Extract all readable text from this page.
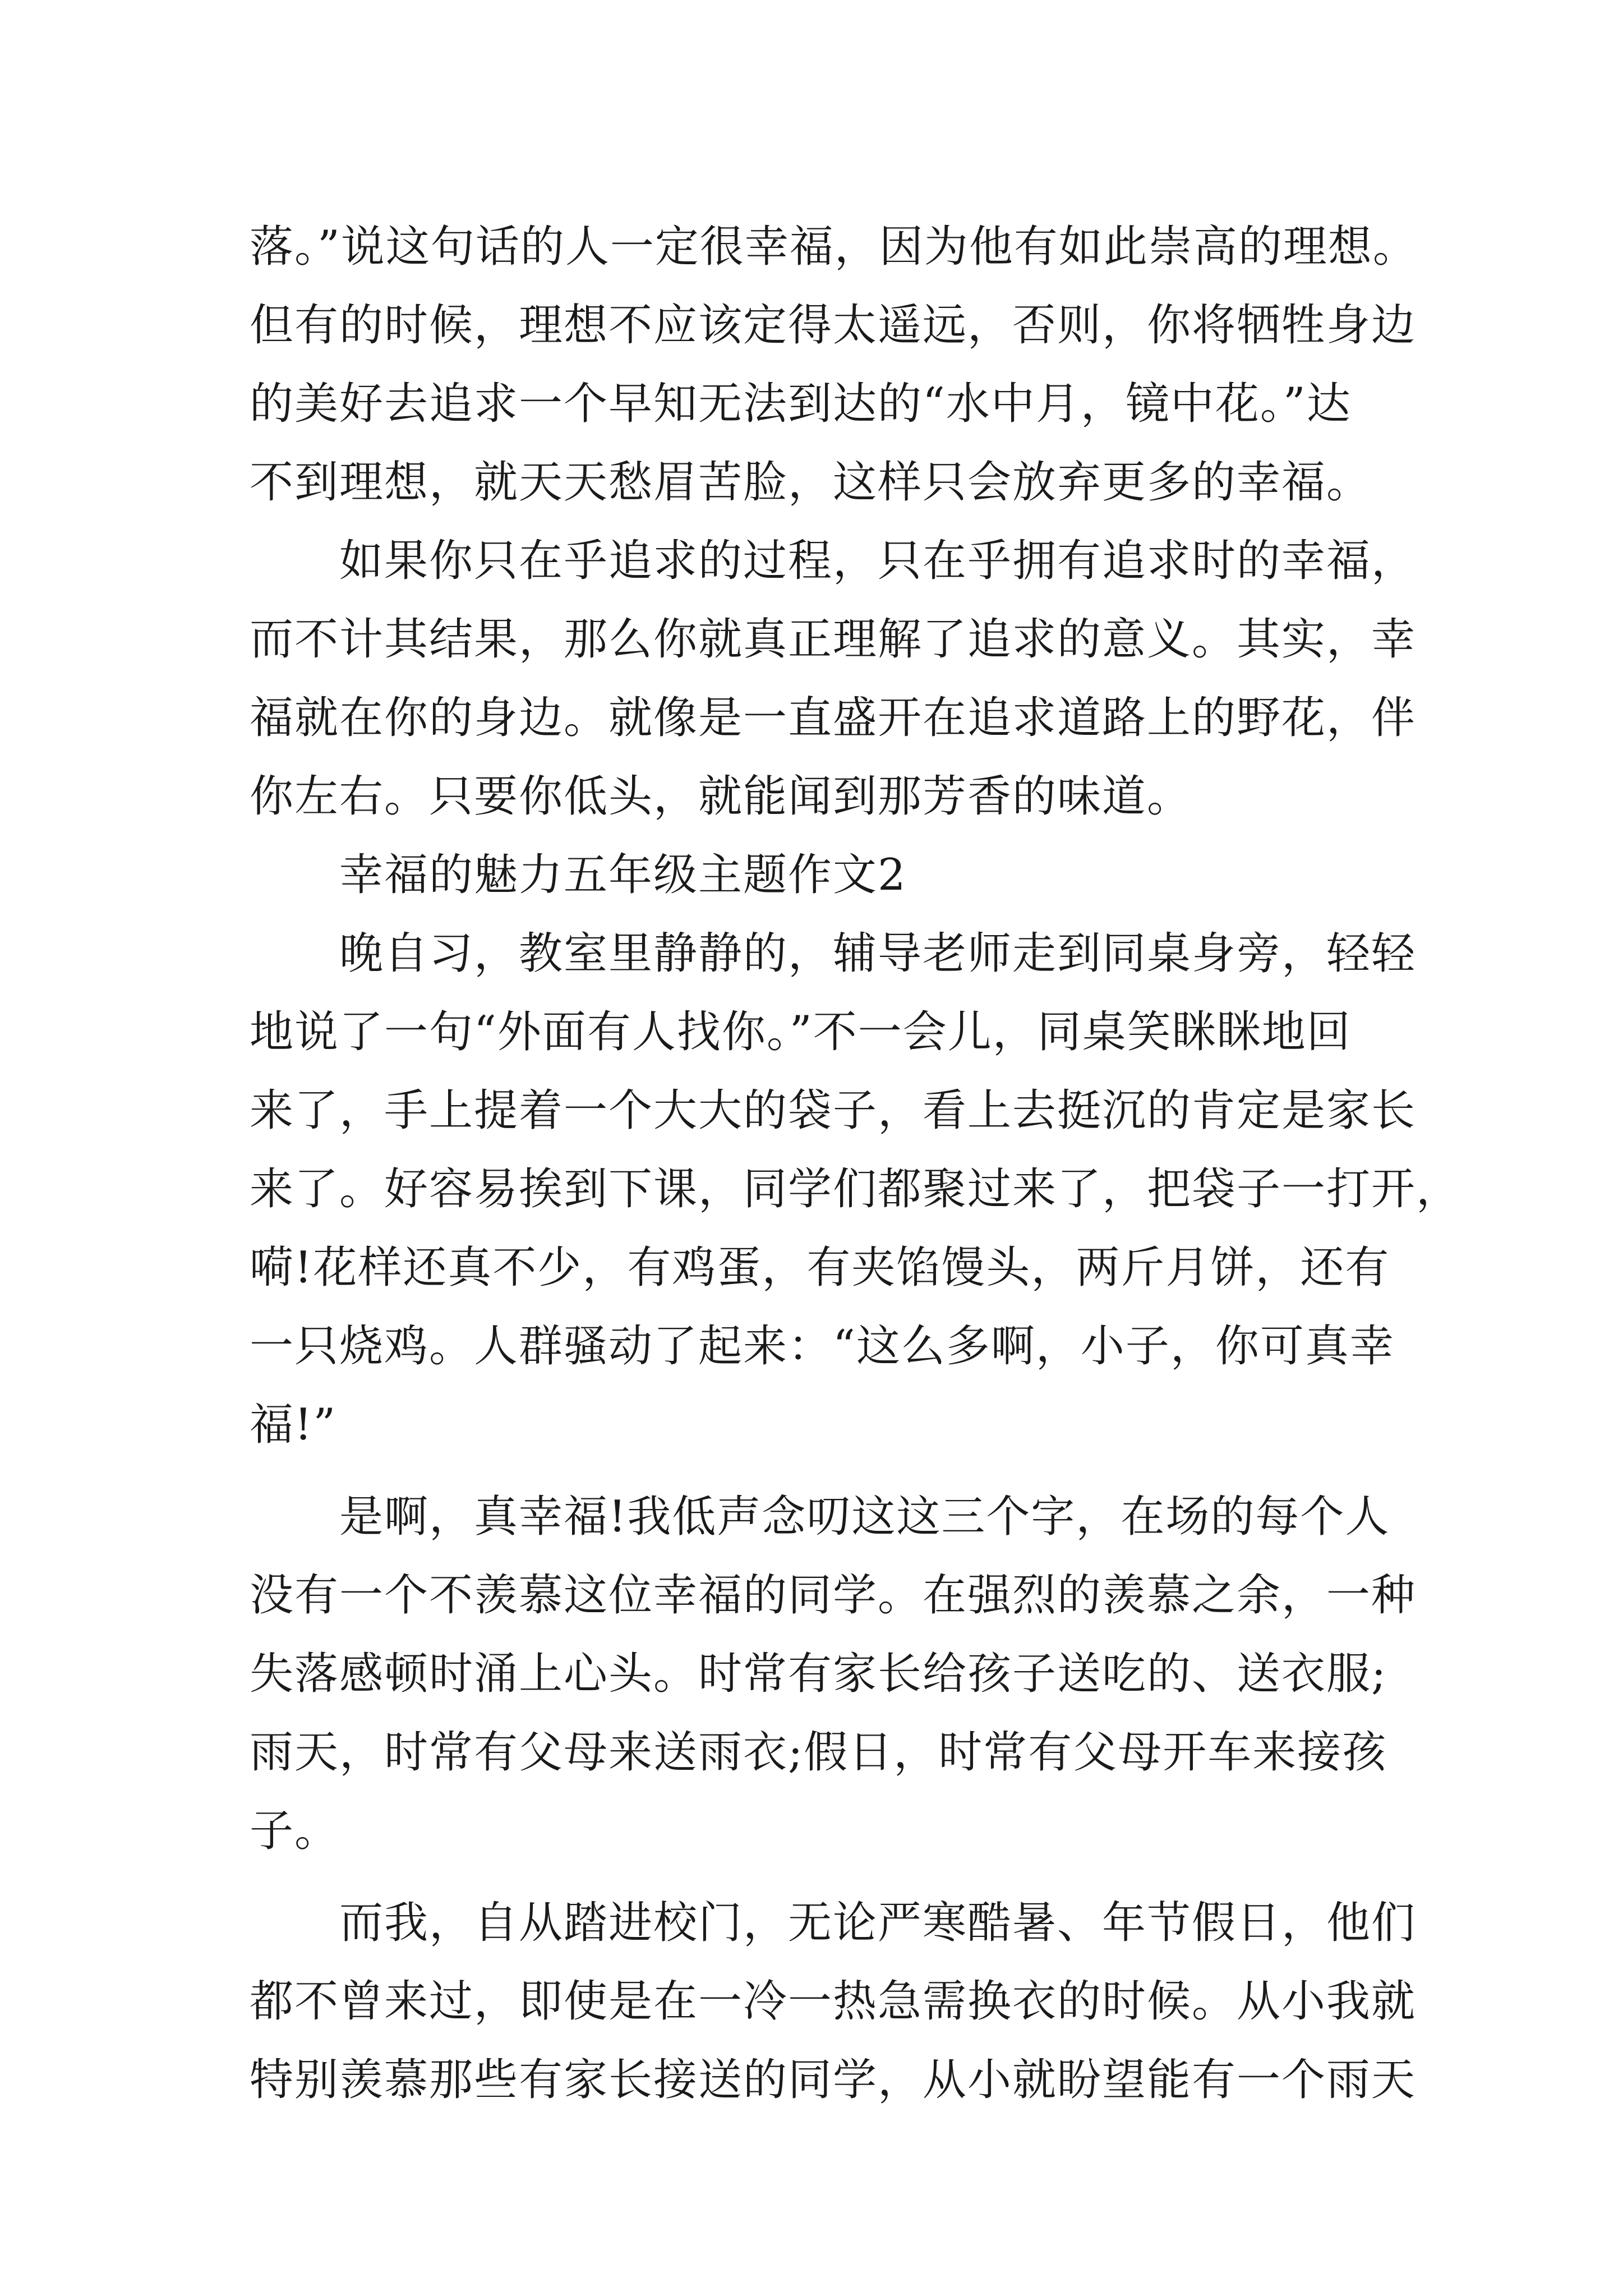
落。”说这句话的人一定很幸福，因为他有如此崇高的理想。
但有的时候，理想不应该定得太遥远，否则，你将牺牲身边
的美好去追求一个早知无法到达的“水中月，镜中花。”达
不到理想，就天天愁眉苦脸，这样只会放弃更多的幸福。
如果你只在乎追求的过程，只在乎拥有追求时的幸福，
而不计其结果，那么你就真正理解了追求的意义。其实，幸
福就在你的身边。就像是一直盛开在追求道路上的野花，伴
你左右。只要你低头，就能闻到那芳香的味道。
幸福的魅力五年级主题作文2
晚自习，教室里静静的，辅导老师走到同桌身旁，轻轻
地说了一句“外面有人找你。”不一会儿，同桌笑眯眯地回
来了，手上提着一个大大的袋子，看上去挺沉的肯定是家长
来了。好容易挨到下课，同学们都聚过来了，把袋子一打开，
嗬!花样还真不少，有鸡蛋，有夹馅馒头，两斤月饼，还有
一只烧鸡。人群骚动了起来：“这么多啊，小子，你可真幸
福!”
是啊，真幸福!我低声念叨这这三个字，在场的每个人
没有一个不羡慕这位幸福的同学。在强烈的羡慕之余，一种
失落感顿时涌上心头。时常有家长给孩子送吃的、送衣服;
雨天，时常有父母来送雨衣;假日，时常有父母开车来接孩
子。
而我，自从踏进校门，无论严寒酷暑、年节假日，他们
都不曾来过，即使是在一冷一热急需换衣的时候。从小我就
特别羡慕那些有家长接送的同学，从小就盼望能有一个雨天
